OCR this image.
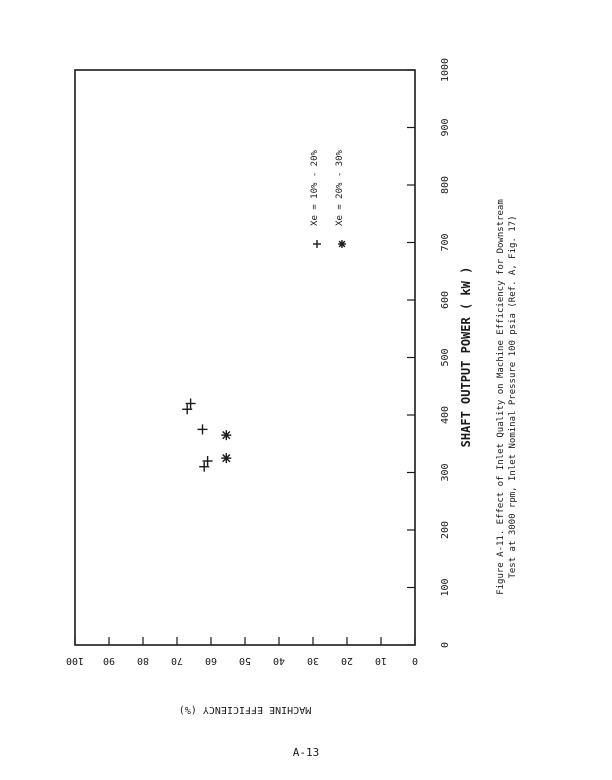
0
100
200
300
400
500
600
700
800
900
1000
0
10
20
30
40
50
60
70
80
90
100
SHAFT OUTPUT POWER ( kW )
MACHINE EFFICIENCY (%)
Xe = 10% - 20% Xe = 20% - 30%
Figure A-11. Effect of Inlet Quality on Machine Efficiency for Downstream Test at 3000 rpm, Inlet Nominal Pressure 100 psia (Ref. A, Fig. 17)
A-13
